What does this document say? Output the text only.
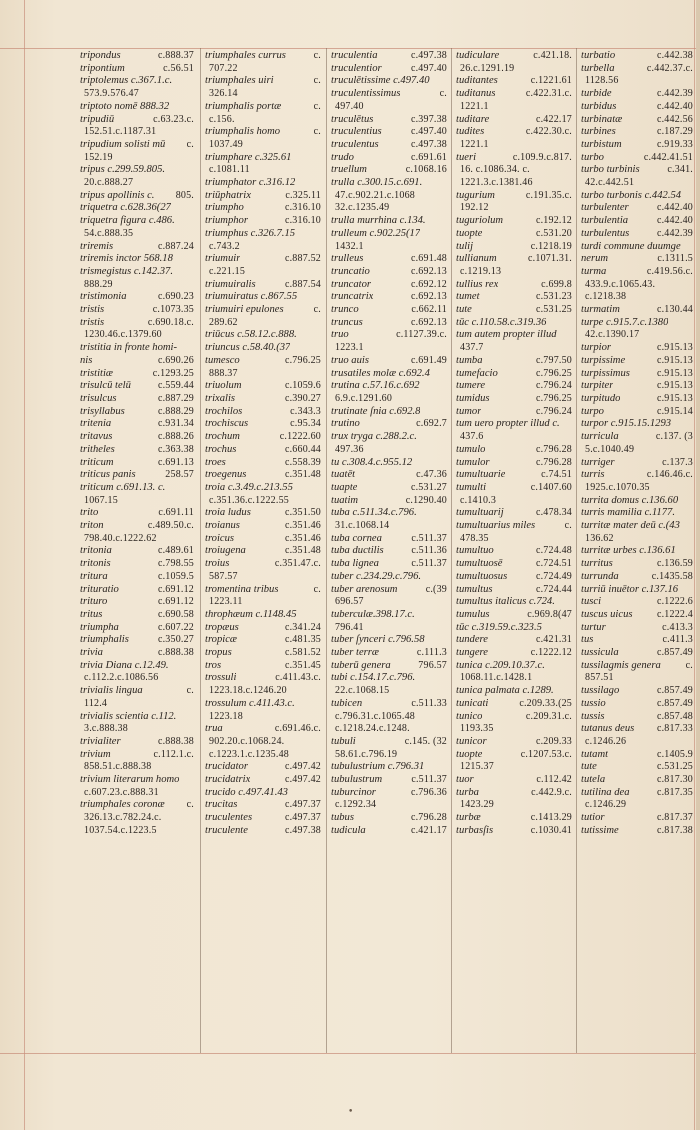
tripondus	c.888.37
tripontium	c.56.51
triptolemus c.367.1.c.
573.9.576.47
triptoto nomē 888.32
tripudiū	c.63.23.c.
152.51.c.1187.31
tripudium solisti mū	c.
152.19
tripus c.299.59.805.
20.c.888.27
tripus apollinis c.	805.
triquetra c.628.36(27
triquetra figura c.486.
54.c.888.35
triremis	c.887.24
triremis inctor 568.18
trismegistus c.142.37.
888.29
tristimonia	c.690.23
tristis	c.1073.35
tristis	c.690.18.c.
1230.46.c.1379.60
tristitia in fronte homi-
nis	c.690.26
tristitiæ	c.1293.25
trisulcū telū	c.559.44
trisulcus	c.887.29
trisyllabus	c.888.29
tritenia	c.931.34
tritavus	c.888.26
tritheles	c.363.38
triticum	c.691.13
triticus panis	258.57
triticum c.691.13. c.
1067.15
trito	c.691.11
triton	c.489.50.c.
798.40.c.1222.62
tritonia	c.489.61
tritonis	c.798.55
tritura	c.1059.5
trituratio	c.691.12
trituro	c.691.12
tritus	c.690.58
triumpha	c.607.22
triumphalis	c.350.27
trivia	c.888.38
trivia Diana c.12.49.
c.112.2.c.1086.56
trivialis lingua	c.
112.4
trivialis scientia c.112.
3.c.888.38
trivialiter	c.888.38
trivium	c.112.1.c.
858.51.c.888.38
trivium literarum homo
c.607.23.c.888.31
triumphales coronæ	c.
326.13.c.782.24.c.
1037.54.c.1223.5
triumphales currus	c.
707.22
triumphales uiri	c.
326.14
triumphalis portæ	c.
c.156.
triumphalis homo	c.
1037.49
triumphare c.325.61
c.1081.11
triumphator c.316.12
triūphatrix	c.325.11
triumpho	c.316.10
triumphor	c.316.10
triumphus c.326.7.15
c.743.2
triumuir	c.887.52
c.221.15
triumuiralis	c.887.54
triumuiratus c.867.55
triumuiri epulones	c.
289.62
triūcus c.58.12.c.888.
triuncus c.58.40.(37
tumesco	c.796.25
888.37
triuolum	c.1059.6
trixalis	c.390.27
trochilos	c.343.3
trochiscus	c.95.34
trochum	c.1222.60
trochus	c.660.44
troes	c.558.39
troegenus	c.351.48
troia c.3.49.c.213.55
c.351.36.c.1222.55
troia ludus	c.351.50
troianus	c.351.46
troicus	c.351.46
troiugena	c.351.48
troius	c.351.47.c.
587.57
tromentina tribus	c.
1223.11
throphæum c.1148.45
tropæus	c.341.24
tropicæ	c.481.35
tropus	c.581.52
tros	c.351.45
trossuli	c.411.43.c.
1223.18.c.1246.20
trossulum c.411.43.c.
1223.18
trua	c.691.46.c.
902.20.c.1068.24.
c.1223.1.c.1235.48
trucidator	c.497.42
trucidatrix	c.497.42
trucido c.497.41.43
trucitas	c.497.37
truculentes	c.497.37
truculente	c.497.38
truculentia	c.497.38
truculentior	c.497.40
truculētissime c.497.40
truculentissimus	c.
497.40
truculētus	c.397.38
truculentius	c.497.40
truculentus	c.497.38
trudo	c.691.61
truellum	c.1068.16
trulla c.300.15.c.691.
47.c.902.21.c.1068
32.c.1235.49
trulla murrhina c.134.
trulleum c.902.25(17
1432.1
trulleus	c.691.48
truncatio	c.692.13
truncator	c.692.12
truncatrix	c.692.13
trunco	c.662.11
truncus	c.692.13
truo	c.1127.39.c.
1223.1
truo auis	c.691.49
trusatiles molæ c.692.4
trutina c.57.16.c.692
6.9.c.1291.60
trutinate ſnia c.692.8
trutino	c.692.7
trux tryga c.288.2.c.
497.36
tu c.308.4.c.955.12
tuatēt	c.47.36
tuapte	c.531.27
tuatim	c.1290.40
tuba c.511.34.c.796.
31.c.1068.14
tuba cornea	c.511.37
tuba ductilis	c.511.36
tuba lignea	c.511.37
tuber c.234.29.c.796.
tuber arenosum	c.(39
696.57
tuberculæ.398.17.c.
796.41
tuber ſynceri c.796.58
tuber terræ	c.111.3
tuberū genera	796.57
tubi c.154.17.c.796.
22.c.1068.15
tubicen	c.511.33
c.796.31.c.1065.48
c.1218.24.c.1248.
tubuli	c.145. (32
58.61.c.796.19
tubulustrium c.796.31
tubulustrum	c.511.37
tuburcinor	c.796.36
c.1292.34
tubus	c.796.28
tudicula	c.421.17
tudiculare	c.421.18.
26.c.1291.19
tuditantes	c.1221.61
tuditanus	c.422.31.c.
1221.1
tuditare	c.422.17
tudites	c.422.30.c.
1221.1
tueri	c.109.9.c.817.
16. c.1086.34. c.
1221.3.c.1381.46
tugurium	c.191.35.c.
192.12
tuguriolum	c.192.12
tuopte	c.531.20
tulij	c.1218.19
tullianum	c.1071.31.
c.1219.13
tullius rex	c.699.8
tumet	c.531.23
tute	c.531.25
tūc c.110.58.c.319.36
tum autem propter illud
437.7
tumba	c.797.50
tumefacio	c.796.25
tumere	c.796.24
tumidus	c.796.25
tumor	c.796.24
tum uero propter illud c.
437.6
tumulo	c.796.28
tumulor	c.796.28
tumultuarie	c.74.51
tumulti	c.1407.60
c.1410.3
tumultuarij	c.478.34
tumultuarius miles	c.
478.35
tumultuo	c.724.48
tumultuosē	c.724.51
tumultuosus	c.724.49
tumultus	c.724.44
tumultus italicus c.724.
tumulus	c.969.8(47
tūc c.319.59.c.323.5
tundere	c.421.31
tungere	c.1222.12
tunica c.209.10.37.c.
1068.11.c.1428.1
tunica palmata c.1289.
tunicati	c.209.33.(25
tunico	c.209.31.c.
1193.35
tunicor	c.209.33
tuopte	c.1207.53.c.
1215.37
tuor	c.112.42
turba	c.442.9.c.
1423.29
turbæ	c.1413.29
turbasſis	c.1030.41
turbatio	c.442.38
turbella	c.442.37.c.
1128.56
turbide	c.442.39
turbidus	c.442.40
turbinatæ	c.442.56
turbines	c.187.29
turbistum	c.919.33
turbo	c.442.41.51
turbo turbinis	c.341.
42.c.442.51
turbo turbonis c.442.54
turbulenter	c.442.40
turbulentia	c.442.40
turbulentus	c.442.39
turdi commune duumge
nerum	c.1311.5
turma	c.419.56.c.
433.9.c.1065.43.
c.1218.38
turmatim	c.130.44
turpe c.915.7.c.1380
42.c.1390.17
turpior	c.915.13
turpissime	c.915.13
turpissimus	c.915.13
turpiter	c.915.13
turpitudo	c.915.13
turpo	c.915.14
turpor c.915.15.1293
turricula	c.137. (3
5.c.1040.49
turriger	c.137.3
turris	c.146.46.c.
1925.c.1070.35
turrita domus c.136.60
turris mamilia c.1177.
turritæ mater deū c.(43
136.62
turritæ urbes c.136.61
turritus	c.136.59
turrunda	c.1435.58
turriū inuētor c.137.16
tusci	c.1222.6
tuscus uicus	c.1222.4
turtur	c.413.3
tus	c.411.3
tussicula	c.857.49
tussilagmis genera	c.
857.51
tussilago	c.857.49
tussio	c.857.49
tussis	c.857.48
tutanus deus	c.817.33
c.1246.26
tutamt	c.1405.9
tute	c.531.25
tutela	c.817.30
tutilina dea	c.817.35
c.1246.29
tutior	c.817.37
tutissime	c.817.38
•
